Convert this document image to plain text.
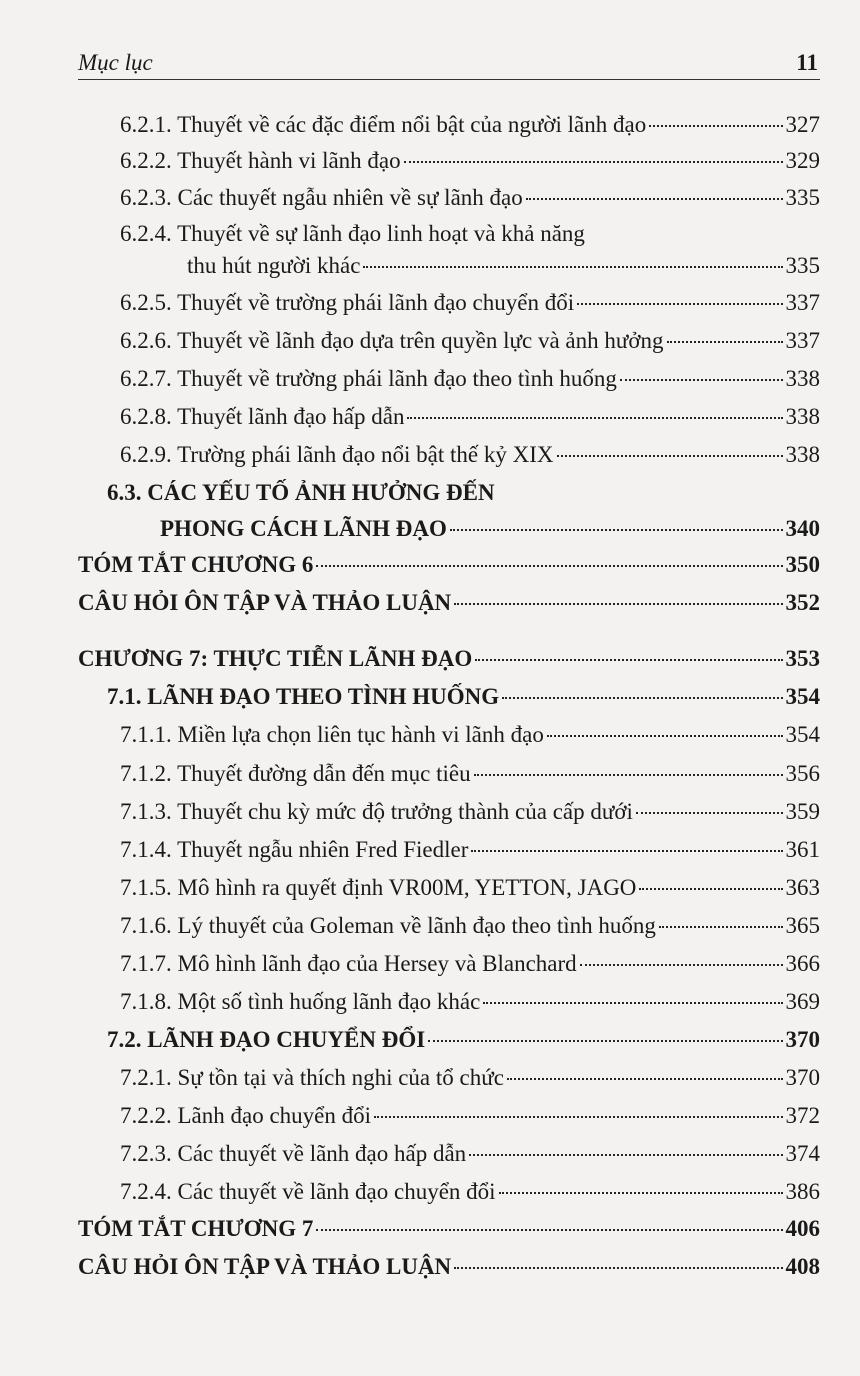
Mục lục	11
6.2.1. Thuyết về các đặc điểm nổi bật của người lãnh đạo	327
6.2.2. Thuyết hành vi lãnh đạo	329
6.2.3. Các thuyết ngẫu nhiên về sự lãnh đạo	335
6.2.4. Thuyết về sự lãnh đạo linh hoạt và khả năng
thu hút người khác	335
6.2.5. Thuyết về trường phái lãnh đạo chuyển đổi	337
6.2.6. Thuyết về lãnh đạo dựa trên quyền lực và ảnh hưởng	337
6.2.7. Thuyết về trường phái lãnh đạo theo tình huống	338
6.2.8. Thuyết lãnh đạo hấp dẫn	338
6.2.9. Trường phái lãnh đạo nổi bật thế kỷ XIX	338
6.3. CÁC YẾU TỐ ẢNH HƯỞNG ĐẾN
PHONG CÁCH LÃNH ĐẠO	340
TÓM TẮT CHƯƠNG 6	350
CÂU HỎI ÔN TẬP VÀ THẢO LUẬN	352
CHƯƠNG 7: THỰC TIỄN LÃNH ĐẠO	353
7.1. LÃNH ĐẠO THEO TÌNH HUỐNG	354
7.1.1. Miền lựa chọn liên tục hành vi lãnh đạo	354
7.1.2. Thuyết đường dẫn đến mục tiêu	356
7.1.3. Thuyết chu kỳ mức độ trưởng thành của cấp dưới	359
7.1.4. Thuyết ngẫu nhiên Fred Fiedler	361
7.1.5. Mô hình ra quyết định VR00M, YETTON, JAGO	363
7.1.6. Lý thuyết của Goleman về lãnh đạo theo tình huống	365
7.1.7. Mô hình lãnh đạo của Hersey và Blanchard	366
7.1.8. Một số tình huống lãnh đạo khác	369
7.2. LÃNH ĐẠO CHUYỂN ĐỔI	370
7.2.1. Sự tồn tại và thích nghi của tổ chức	370
7.2.2. Lãnh đạo chuyển đổi	372
7.2.3. Các thuyết về lãnh đạo hấp dẫn	374
7.2.4. Các thuyết về lãnh đạo chuyển đổi	386
TÓM TẮT CHƯƠNG 7	406
CÂU HỎI ÔN TẬP VÀ THẢO LUẬN	408
